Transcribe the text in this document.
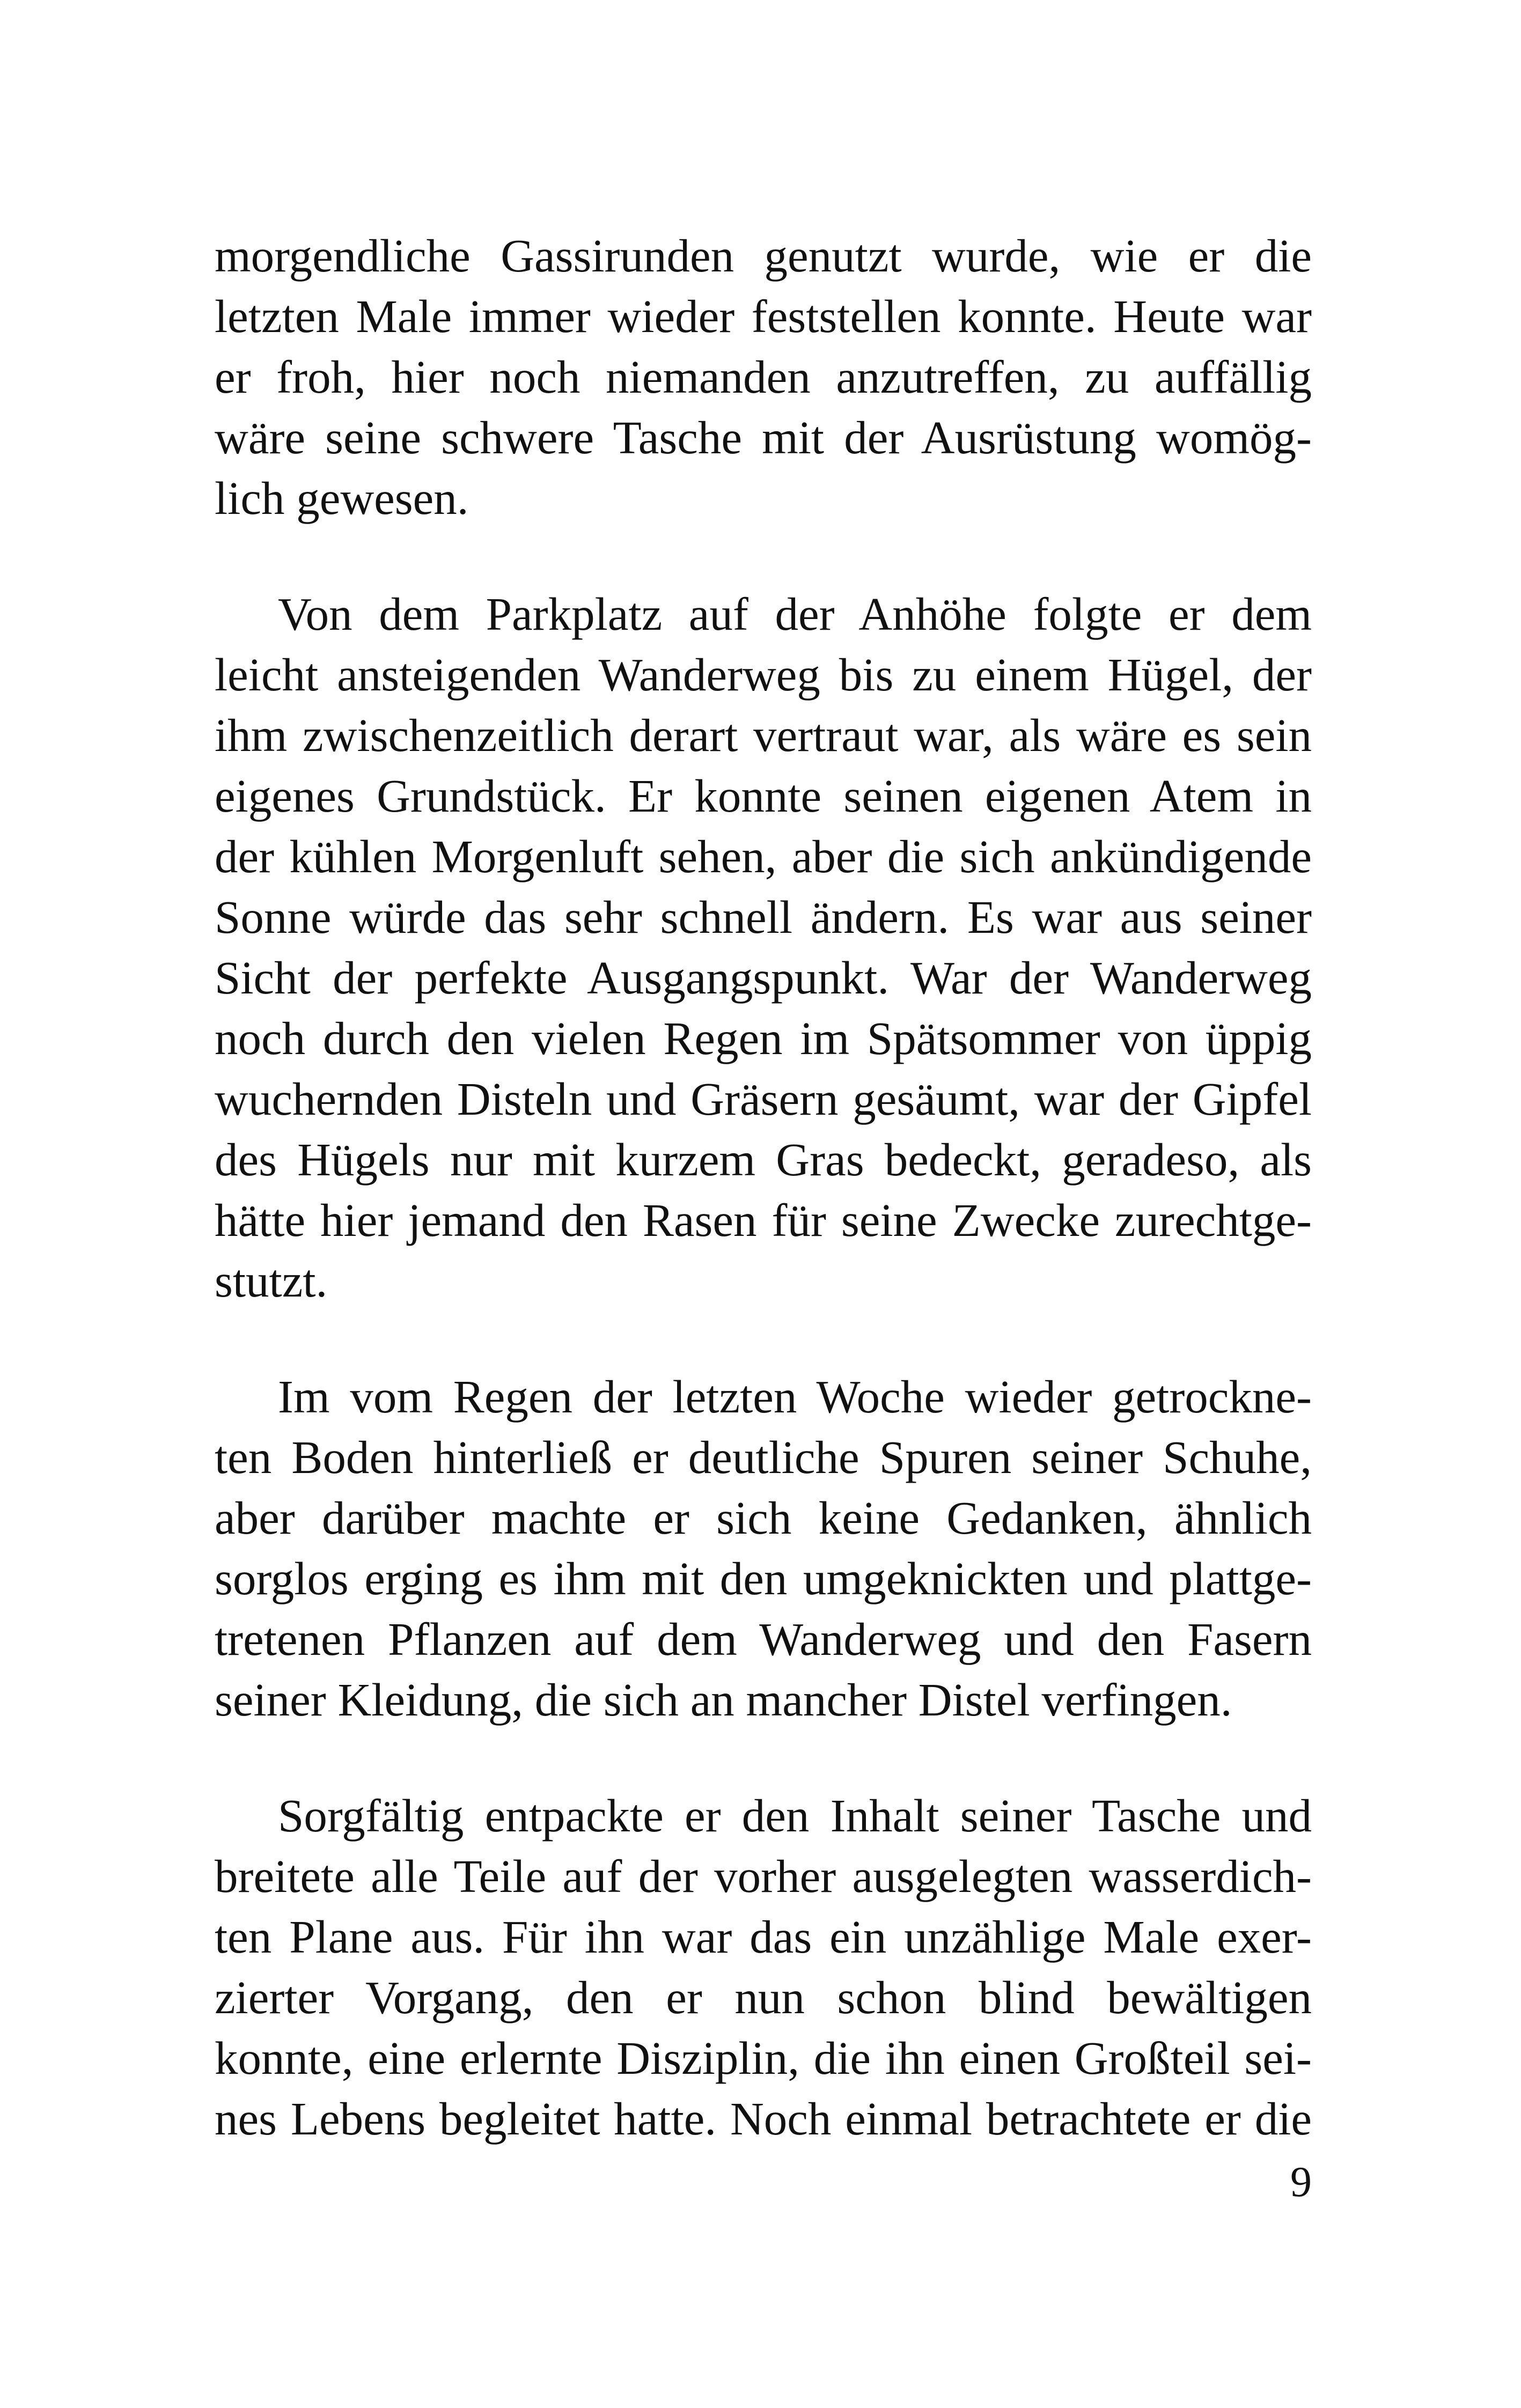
morgendliche Gassirunden genutzt wurde, wie er die
letzten Male immer wieder feststellen konnte. Heute war
er froh, hier noch niemanden anzutreffen, zu auffällig
wäre seine schwere Tasche mit der Ausrüstung womög-
lich gewesen.
Von dem Parkplatz auf der Anhöhe folgte er dem
leicht ansteigenden Wanderweg bis zu einem Hügel, der
ihm zwischenzeitlich derart vertraut war, als wäre es sein
eigenes Grundstück. Er konnte seinen eigenen Atem in
der kühlen Morgenluft sehen, aber die sich ankündigende
Sonne würde das sehr schnell ändern. Es war aus seiner
Sicht der perfekte Ausgangspunkt. War der Wanderweg
noch durch den vielen Regen im Spätsommer von üppig
wuchernden Disteln und Gräsern gesäumt, war der Gipfel
des Hügels nur mit kurzem Gras bedeckt, geradeso, als
hätte hier jemand den Rasen für seine Zwecke zurechtge-
stutzt.
Im vom Regen der letzten Woche wieder getrockne-
ten Boden hinterließ er deutliche Spuren seiner Schuhe,
aber darüber machte er sich keine Gedanken, ähnlich
sorglos erging es ihm mit den umgeknickten und plattge-
tretenen Pflanzen auf dem Wanderweg und den Fasern
seiner Kleidung, die sich an mancher Distel verfingen.
Sorgfältig entpackte er den Inhalt seiner Tasche und
breitete alle Teile auf der vorher ausgelegten wasserdich-
ten Plane aus. Für ihn war das ein unzählige Male exer-
zierter Vorgang, den er nun schon blind bewältigen
konnte, eine erlernte Disziplin, die ihn einen Großteil sei-
nes Lebens begleitet hatte. Noch einmal betrachtete er die
9
